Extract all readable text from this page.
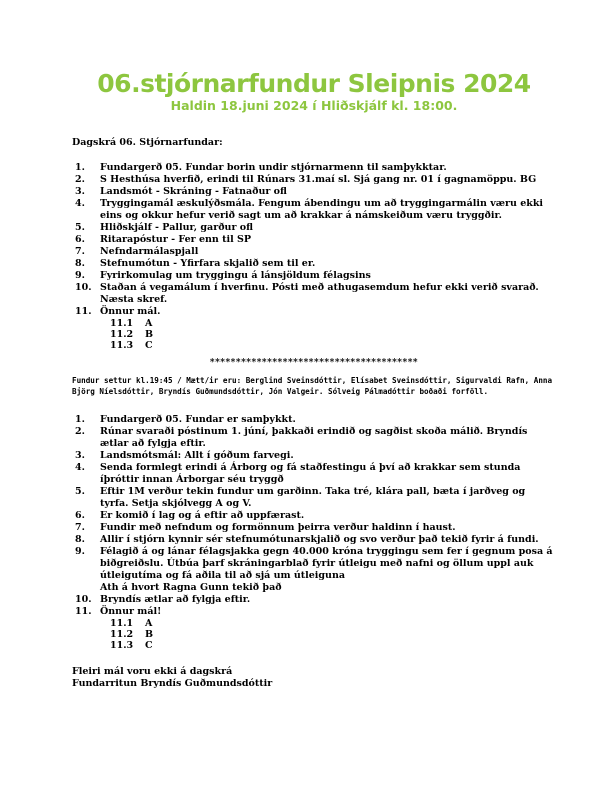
06.stjórnarfundur Sleipnis 2024
Haldin 18.juni 2024 í Hliðskjálf kl. 18:00.

Dagskrá 06. Stjórnarfundar:

1.	Fundargerð 05. Fundar borin undir stjórnarmenn til samþykktar.
2.	S Hesthúsa hverfið, erindi til Rúnars 31.maí sl. Sjá gang nr. 01 í gagnamöppu. BG
3.	Landsmót - Skráning - Fatnaður ofl
4.	Tryggingamál æskulýðsmála. Fengum ábendingu um að tryggingarmálin væru ekki eins og okkur hefur verið sagt um að krakkar á námskeiðum væru tryggðir.
5.	Hliðskjálf - Pallur, garður ofl
6.	Ritarapóstur - Fer enn til SP
7.	Nefndarmálaspjall
8.	Stefnumótun - Yfirfara skjalið sem til er.
9.	Fyrirkomulag um tryggingu á lánsjöldum félagsins
10. Staðan á vegamálum í hverfinu. Pósti með athugasemdum hefur ekki verið svarað. Næsta skref.
11. Önnur mál.
11.1	A
11.2	B
11.3	C

****************************************

Fundur settur kl.19:45 / Mætt/ir eru: Berglind Sveinsdóttir, Elísabet Sveinsdóttir, Sigurvaldi Rafn, Anna Björg Níelsdóttir, Bryndís Guðmundsdóttir, Jón Valgeir. Sólveig Pálmadóttir boðaði forföll.

1.	Fundargerð 05. Fundar er samþykkt.
2.	Rúnar svaraði póstinum 1. júní, þakkaði erindið og sagðist skoða málið. Bryndís ætlar að fylgja eftir.
3.	Landsmótsmál: Allt í góðum farvegi.
4.	Senda formlegt erindi á Árborg og fá staðfestingu á því að krakkar sem stunda íþróttir innan Árborgar séu tryggð
5.	Eftir 1M verður tekin fundur um garðinn. Taka tré, klára pall, bæta í jarðveg og tyrfa. Setja skjólvegg A og V.
6.	Er komið í lag og á eftir að uppfærast.
7.	Fundir með nefndum og formönnum þeirra verður haldinn í haust.
8.	Allir í stjórn kynnir sér stefnumótunarskjalið og svo verður það tekið fyrir á fundi.
9.	Félagið á og lánar félagsjakka gegn 40.000 króna tryggingu sem fer í gegnum posa á biðgreiðslu. Útbúa þarf skráningarblað fyrir útleigu með nafni og öllum uppl auk útleigutíma og fá aðila til að sjá um útleiguna
Ath á hvort Ragna Gunn tekið það
10. Bryndís ætlar að fylgja eftir.
11. Önnur mál!
11.1	A
11.2	B
11.3	C

Fleiri mál voru ekki á dagskrá

Fundarritun Bryndís Guðmundsdóttir
